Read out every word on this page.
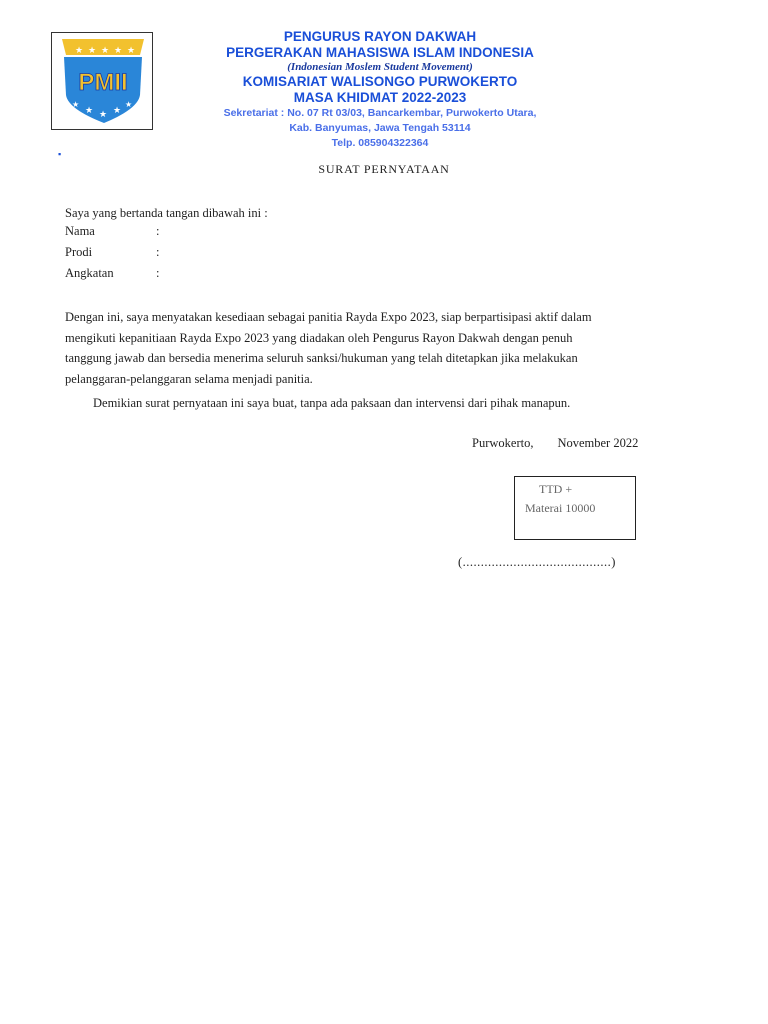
★ ★ ★ ★ ★
PMII
★ ★ ★
★	★
PENGURUS RAYON DAKWAH
PERGERAKAN MAHASISWA ISLAM INDONESIA
(Indonesian Moslem Student Movement)
KOMISARIAT WALISONGO PURWOKERTO
MASA KHIDMAT 2022-2023
Sekretariat : No. 07 Rt 03/03, Bancarkembar, Purwokerto Utara,
Kab. Banyumas, Jawa Tengah 53114
Telp. 085904322364
▪
SURAT PERNYATAAN
Saya yang bertanda tangan dibawah ini :
Nama	:
Prodi	:
Angkatan	:
Dengan ini, saya menyatakan kesediaan sebagai panitia Rayda Expo 2023, siap berpartisipasi aktif dalam
mengikuti kepanitiaan Rayda Expo 2023 yang diadakan oleh Pengurus Rayon Dakwah dengan penuh
tanggung jawab dan bersedia menerima seluruh sanksi/hukuman yang telah ditetapkan jika melakukan
pelanggaran-pelanggaran selama menjadi panitia.
Demikian surat pernyataan ini saya buat, tanpa ada paksaan dan intervensi dari pihak manapun.
Purwokerto, November 2022
TTD +
Materai 10000
(.........................................)
